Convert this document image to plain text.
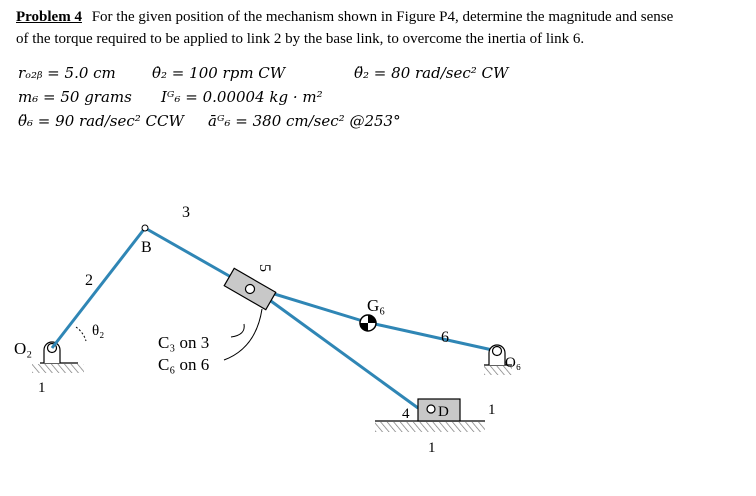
Problem 4 For the given position of the mechanism shown in Figure P4, determine the magnitude and sense
of the torque required to be applied to link 2 by the base link, to overcome the inertia of link 6.
rₒ₂ᵦ = 5.0 cm θ̇₂ = 100 rpm CW	θ̈₂ = 80 rad/sec² CW
m₆ = 50 grams Iᴳ₆ = 0.00004 kg · m²
θ̈₆ = 90 rad/sec² CCW āᴳ₆ = 380 cm/sec² @253°
O₂
θ₂
1
2
B
3
5
C₃ on 3
C₆ on 6
G₆
6
4 D	1
1
O₆
